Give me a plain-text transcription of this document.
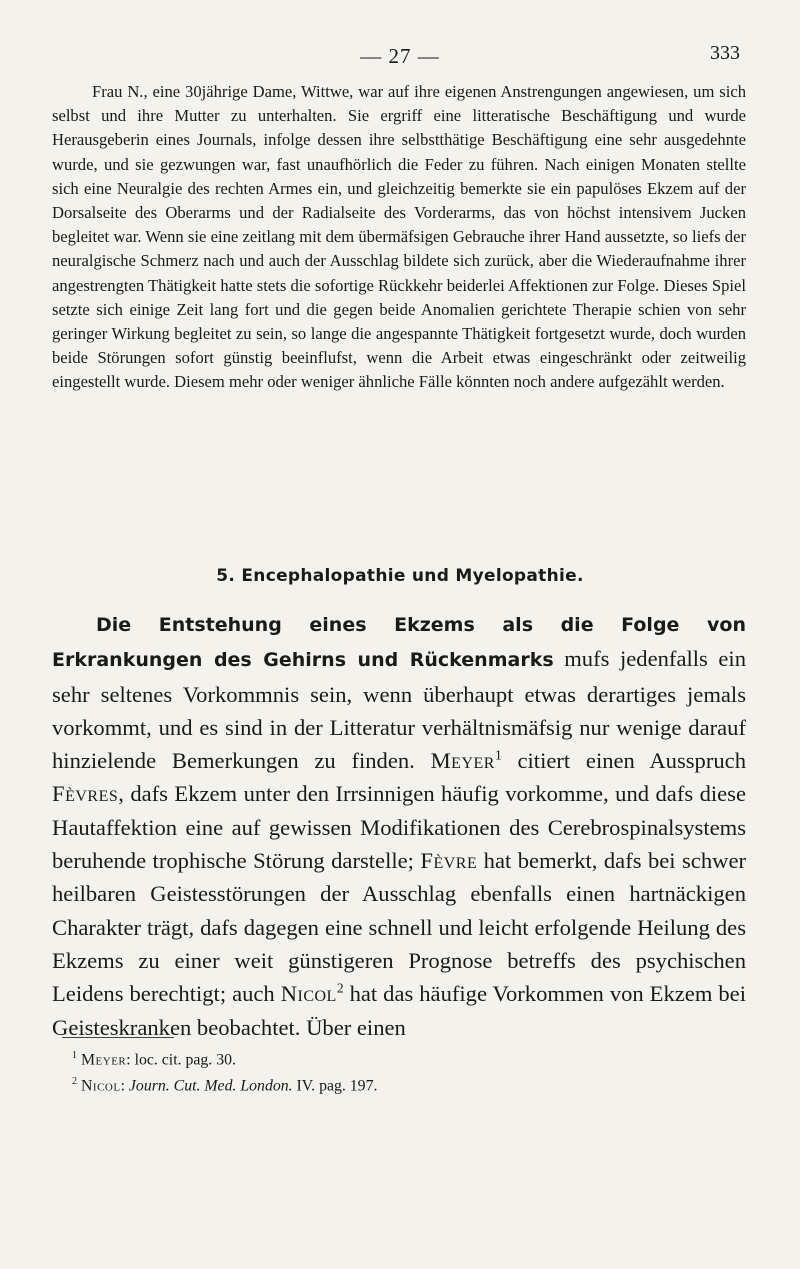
— 27 —	333

Frau N., eine 30jährige Dame, Wittwe, war auf ihre eigenen Anstrengungen angewiesen, um sich selbst und ihre Mutter zu unterhalten. Sie ergriff eine litteratische Beschäftigung und wurde Herausgeberin eines Journals, infolge dessen ihre selbstthätige Beschäftigung eine sehr ausgedehnte wurde, und sie gezwungen war, fast unaufhörlich die Feder zu führen. Nach einigen Monaten stellte sich eine Neuralgie des rechten Armes ein, und gleichzeitig bemerkte sie ein papulöses Ekzem auf der Dorsalseite des Oberarms und der Radialseite des Vorderarms, das von höchst intensivem Jucken begleitet war. Wenn sie eine zeitlang mit dem übermäfsigen Gebrauche ihrer Hand aussetzte, so liefs der neuralgische Schmerz nach und auch der Ausschlag bildete sich zurück, aber die Wiederaufnahme ihrer angestrengten Thätigkeit hatte stets die sofortige Rückkehr beiderlei Affektionen zur Folge. Dieses Spiel setzte sich einige Zeit lang fort und die gegen beide Anomalien gerichtete Therapie schien von sehr geringer Wirkung begleitet zu sein, so lange die angespannte Thätigkeit fortgesetzt wurde, doch wurden beide Störungen sofort günstig beeinflufst, wenn die Arbeit etwas eingeschränkt oder zeitweilig eingestellt wurde. Diesem mehr oder weniger ähnliche Fälle könnten noch andere aufgezählt werden.

5. Encephalopathie und Myelopathie.

Die Entstehung eines Ekzems als die Folge von Erkrankungen des Gehirns und Rückenmarks mufs jedenfalls ein sehr seltenes Vorkommnis sein, wenn überhaupt etwas derartiges jemals vorkommt, und es sind in der Litteratur verhältnismäfsig nur wenige darauf hinzielende Bemerkungen zu finden. Meyer$^1$ citiert einen Ausspruch Fèvres, dafs Ekzem unter den Irrsinnigen häufig vorkomme, und dafs diese Hautaffektion eine auf gewissen Modifikationen des Cerebrospinalsystems beruhende trophische Störung darstelle; Fèvre hat bemerkt, dafs bei schwer heilbaren Geistesstörungen der Ausschlag ebenfalls einen hartnäckigen Charakter trägt, dafs dagegen eine schnell und leicht erfolgende Heilung des Ekzems zu einer weit günstigeren Prognose betreffs des psychischen Leidens berechtigt; auch Nicol$^2$ hat das häufige Vorkommen von Ekzem bei Geisteskranken beobachtet. Über einen

$^1$ Meyer: loc. cit. pag. 30.

$^2$ Nicol: Journ. Cut. Med. London. IV. pag. 197.
